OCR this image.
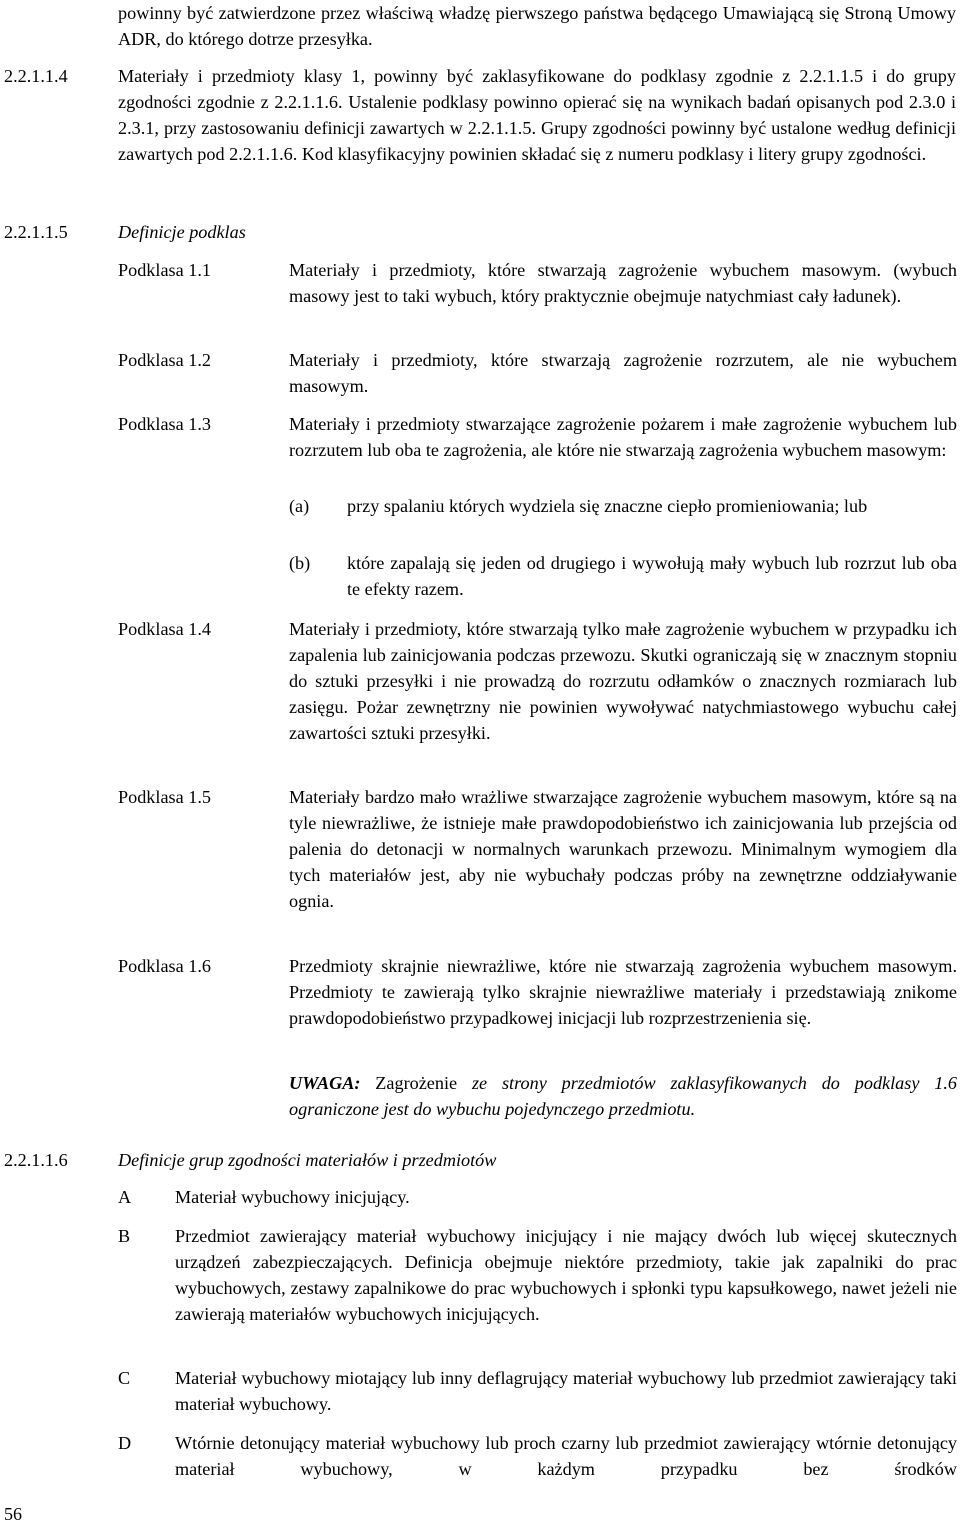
powinny być zatwierdzone przez właściwą władzę pierwszego państwa będącego Umawiającą się Stroną Umowy ADR, do którego dotrze przesyłka.
2.2.1.1.4	Materiały i przedmioty klasy 1, powinny być zaklasyfikowane do podklasy zgodnie z 2.2.1.1.5 i do grupy zgodności zgodnie z 2.2.1.1.6. Ustalenie podklasy powinno opierać się na wynikach badań opisanych pod 2.3.0 i 2.3.1, przy zastosowaniu definicji zawartych w 2.2.1.1.5. Grupy zgodności powinny być ustalone według definicji zawartych pod 2.2.1.1.6. Kod klasyfikacyjny powinien składać się z numeru podklasy i litery grupy zgodności.
2.2.1.1.5	Definicje podklas
Podklasa 1.1	Materiały i przedmioty, które stwarzają zagrożenie wybuchem masowym. (wybuch masowy jest to taki wybuch, który praktycznie obejmuje natychmiast cały ładunek).
Podklasa 1.2	Materiały i przedmioty, które stwarzają zagrożenie rozrzutem, ale nie wybuchem masowym.
Podklasa 1.3	Materiały i przedmioty stwarzające zagrożenie pożarem i małe zagrożenie wybuchem lub rozrzutem lub oba te zagrożenia, ale które nie stwarzają zagrożenia wybuchem masowym:
(a) przy spalaniu których wydziela się znaczne ciepło promieniowania; lub
(b) które zapalają się jeden od drugiego i wywołują mały wybuch lub rozrzut lub oba te efekty razem.
Podklasa 1.4	Materiały i przedmioty, które stwarzają tylko małe zagrożenie wybuchem w przypadku ich zapalenia lub zainicjowania podczas przewozu. Skutki ograniczają się w znacznym stopniu do sztuki przesyłki i nie prowadzą do rozrzutu odłamków o znacznych rozmiarach lub zasięgu. Pożar zewnętrzny nie powinien wywoływać natychmiastowego wybuchu całej zawartości sztuki przesyłki.
Podklasa 1.5	Materiały bardzo mało wrażliwe stwarzające zagrożenie wybuchem masowym, które są na tyle niewrażliwe, że istnieje małe prawdopodobieństwo ich zainicjowania lub przejścia od palenia do detonacji w normalnych warunkach przewozu. Minimalnym wymogiem dla tych materiałów jest, aby nie wybuchały podczas próby na zewnętrzne oddziaływanie ognia.
Podklasa 1.6	Przedmioty skrajnie niewrażliwe, które nie stwarzają zagrożenia wybuchem masowym. Przedmioty te zawierają tylko skrajnie niewrażliwe materiały i przedstawiają znikome prawdopodobieństwo przypadkowej inicjacji lub rozprzestrzenienia się.
UWAGA: Zagrożenie ze strony przedmiotów zaklasyfikowanych do podklasy 1.6 ograniczone jest do wybuchu pojedynczego przedmiotu.
2.2.1.1.6	Definicje grup zgodności materiałów i przedmiotów
A Materiał wybuchowy inicjujący.
B Przedmiot zawierający materiał wybuchowy inicjujący i nie mający dwóch lub więcej skutecznych urządzeń zabezpieczających. Definicja obejmuje niektóre przedmioty, takie jak zapalniki do prac wybuchowych, zestawy zapalnikowe do prac wybuchowych i spłonki typu kapsułkowego, nawet jeżeli nie zawierają materiałów wybuchowych inicjujących.
C Materiał wybuchowy miotający lub inny deflagrujący materiał wybuchowy lub przedmiot zawierający taki materiał wybuchowy.
D Wtórnie detonujący materiał wybuchowy lub proch czarny lub przedmiot zawierający wtórnie detonujący materiał wybuchowy, w każdym przypadku bez środków
56
